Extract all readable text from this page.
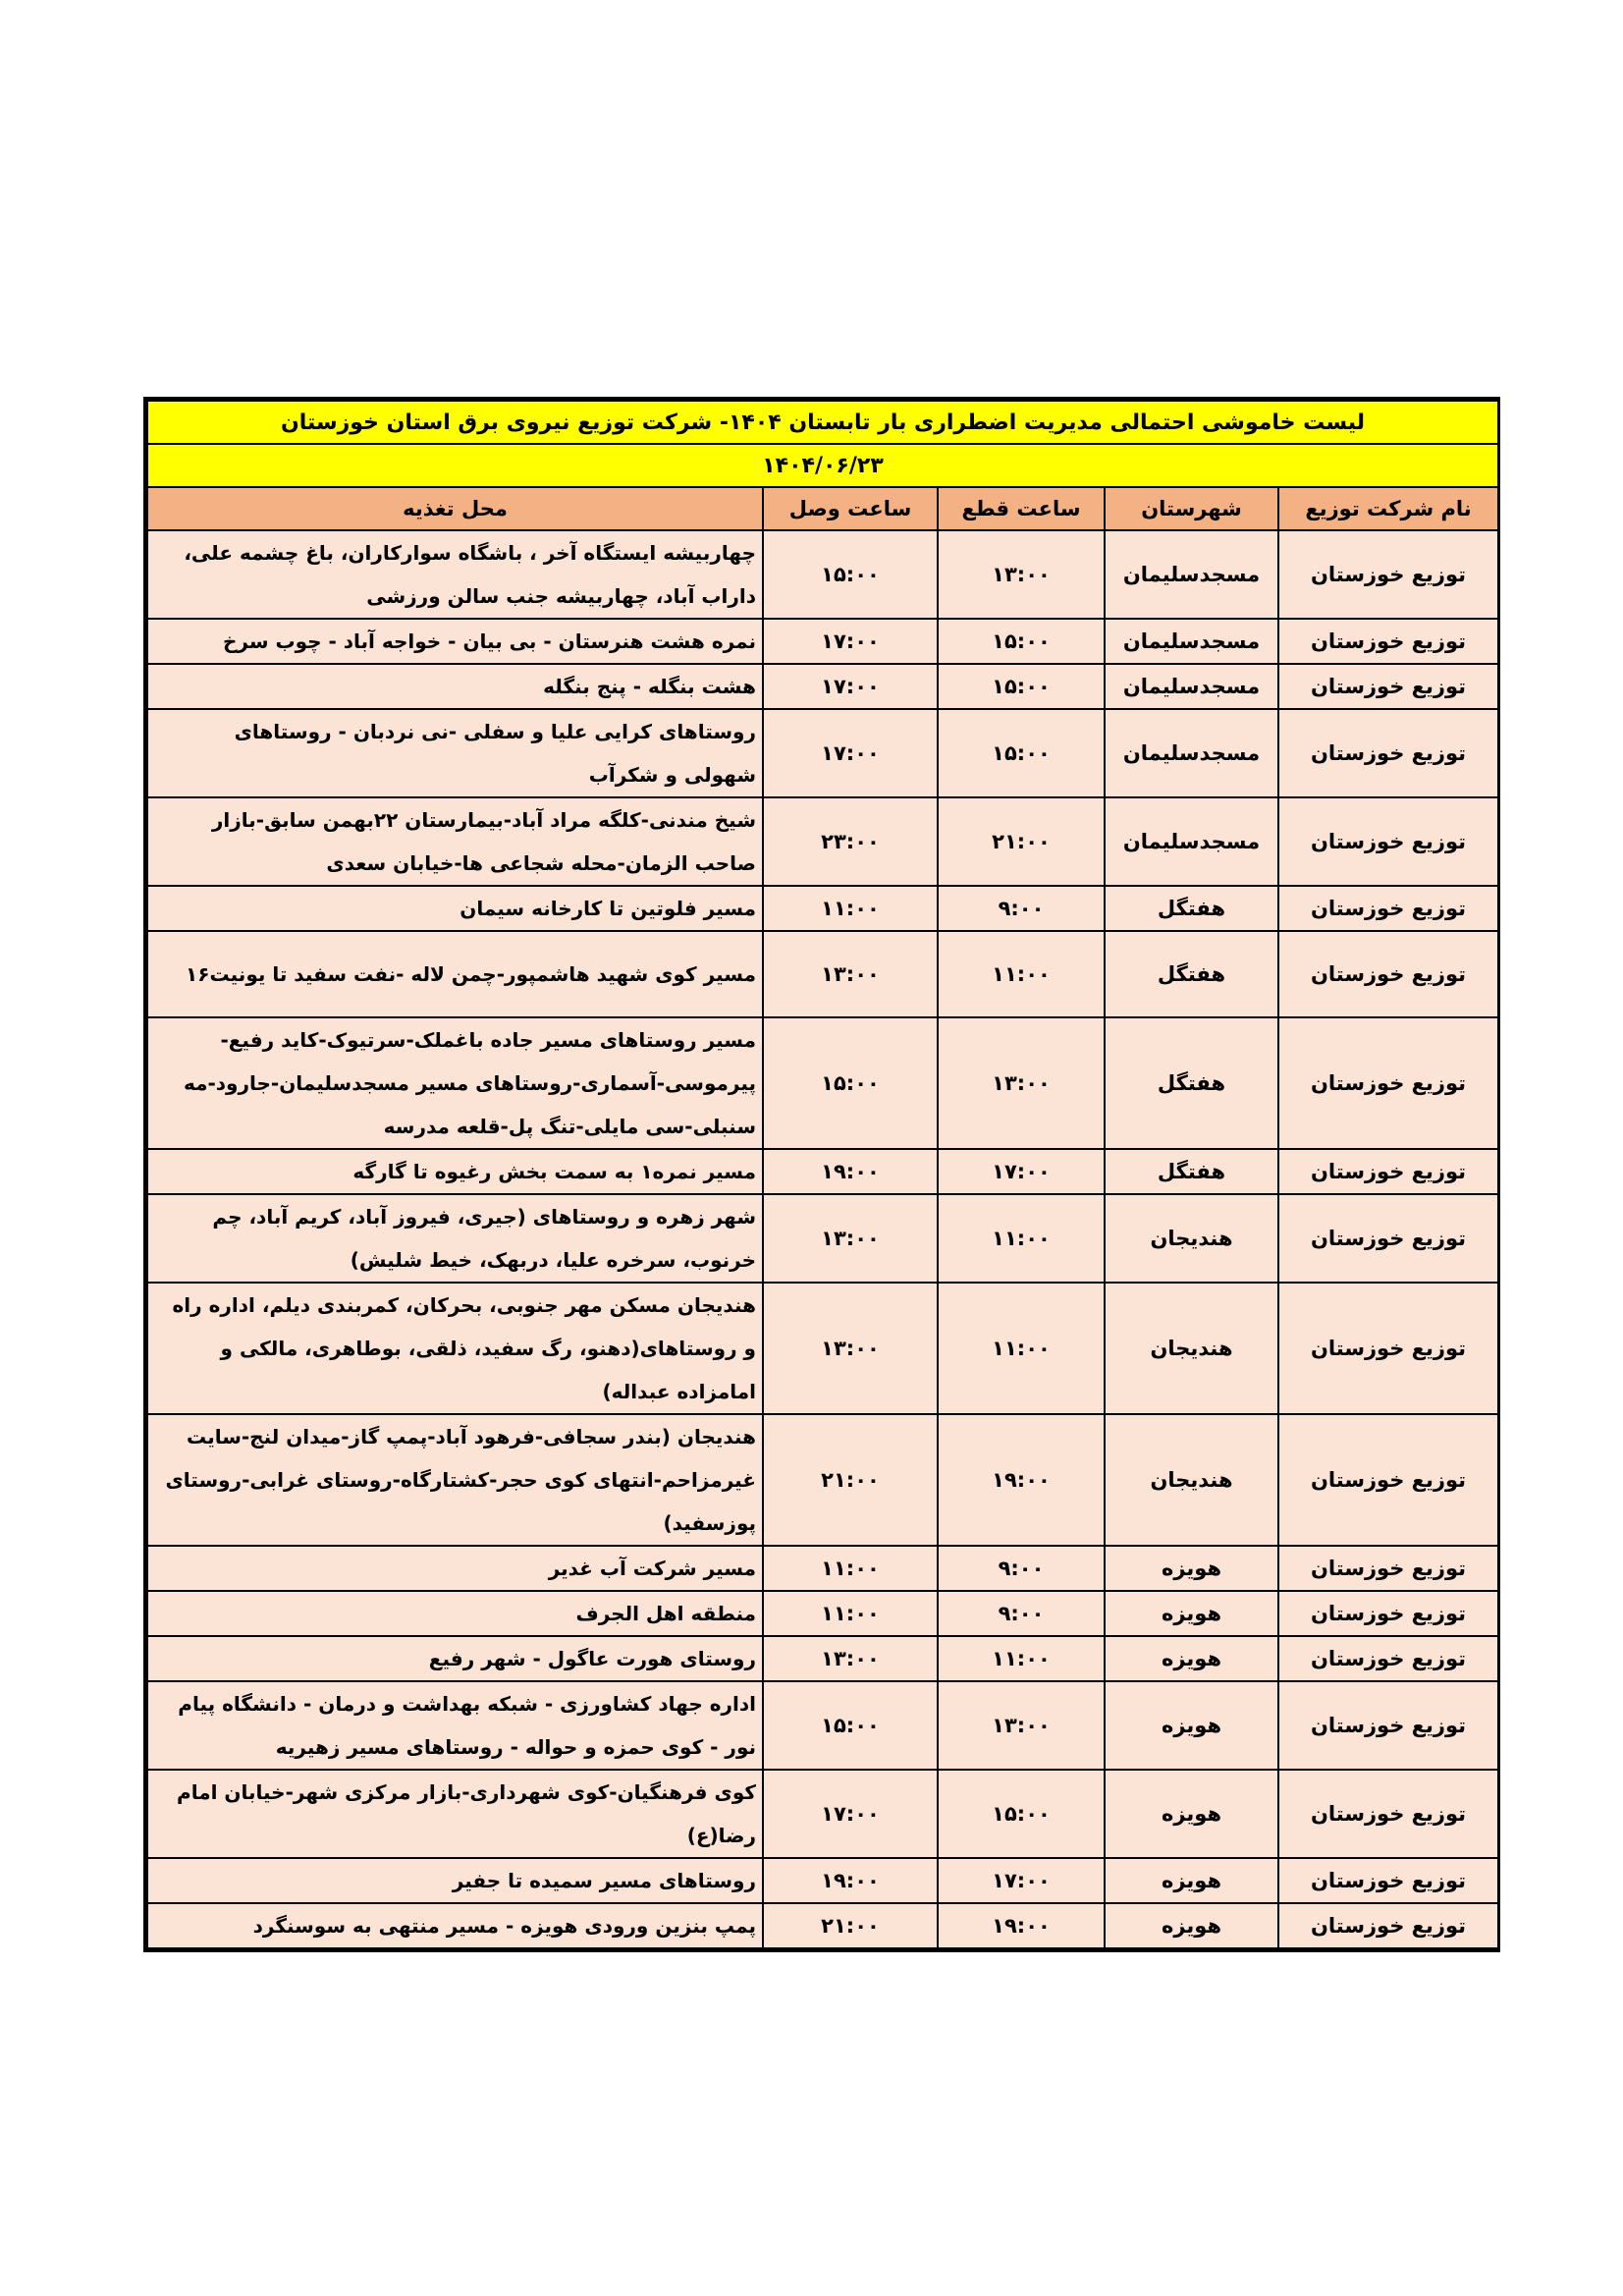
لیست خاموشی احتمالی مدیریت اضطراری بار تابستان ۱۴۰۴- شرکت توزیع نیروی برق استان خوزستان				
۱۴۰۴/۰۶/۲۳				
نام شرکت توزیع	شهرستان	ساعت قطع	ساعت وصل	محل تغذیه
توزیع خوزستان	مسجدسلیمان	۱۳:۰۰	۱۵:۰۰	چهاربیشه ایستگاه آخر ، باشگاه سوارکاران، باغ چشمه علی، داراب آباد، چهاربیشه جنب سالن ورزشی
توزیع خوزستان	مسجدسلیمان	۱۵:۰۰	۱۷:۰۰	نمره هشت هنرستان - بی بیان - خواجه آباد - چوب سرخ
توزیع خوزستان	مسجدسلیمان	۱۵:۰۰	۱۷:۰۰	هشت بنگله - پنج بنگله
توزیع خوزستان	مسجدسلیمان	۱۵:۰۰	۱۷:۰۰	روستاهای کرایی علیا و سفلی -نی نردبان - روستاهای شهولی و شکرآب
توزیع خوزستان	مسجدسلیمان	۲۱:۰۰	۲۳:۰۰	شیخ مندنی-کلگه مراد آباد-بیمارستان ۲۲بهمن سابق-بازار صاحب الزمان-محله شجاعی ها-خیابان سعدی
توزیع خوزستان	هفتگل	۹:۰۰	۱۱:۰۰	مسیر فلوتین تا کارخانه سیمان
توزیع خوزستان	هفتگل	۱۱:۰۰	۱۳:۰۰	مسیر کوی شهید هاشمپور-چمن لاله -نفت سفید تا یونیت۱۶
توزیع خوزستان	هفتگل	۱۳:۰۰	۱۵:۰۰	مسیر روستاهای مسیر جاده باغملک-سرتیوک-کاید رفیع-پیرموسی-آسماری-روستاهای مسیر مسجدسلیمان-جارود-مه سنبلی-سی مایلی-تنگ پل-قلعه مدرسه
توزیع خوزستان	هفتگل	۱۷:۰۰	۱۹:۰۰	مسیر نمره۱ به سمت بخش رغیوه تا گارگه
توزیع خوزستان	هندیجان	۱۱:۰۰	۱۳:۰۰	شهر زهره و روستاهای (جیری، فیروز آباد، کریم آباد، چم خرنوب، سرخره علیا، دربهک، خیط شلیش)
توزیع خوزستان	هندیجان	۱۱:۰۰	۱۳:۰۰	هندیجان مسکن مهر جنوبی، بحرکان، کمربندی دیلم، اداره راه و روستاهای(دهنو، رگ سفید، ذلقی، بوطاهری، مالکی و امامزاده عبداله)
توزیع خوزستان	هندیجان	۱۹:۰۰	۲۱:۰۰	هندیجان (بندر سجافی-فرهود آباد-پمپ گاز-میدان لنج-سایت غیرمزاحم-انتهای کوی حجر-کشتارگاه-روستای غرابی-روستای پوزسفید)
توزیع خوزستان	هویزه	۹:۰۰	۱۱:۰۰	مسیر شرکت آب غدیر
توزیع خوزستان	هویزه	۹:۰۰	۱۱:۰۰	منطقه اهل الجرف
توزیع خوزستان	هویزه	۱۱:۰۰	۱۳:۰۰	روستای هورت عاگول - شهر رفیع
توزیع خوزستان	هویزه	۱۳:۰۰	۱۵:۰۰	اداره جهاد کشاورزی - شبکه بهداشت و درمان - دانشگاه پیام نور - کوی حمزه و حواله - روستاهای مسیر زهیریه
توزیع خوزستان	هویزه	۱۵:۰۰	۱۷:۰۰	کوی فرهنگیان-کوی شهرداری-بازار مرکزی شهر-خیابان امام رضا(ع)
توزیع خوزستان	هویزه	۱۷:۰۰	۱۹:۰۰	روستاهای مسیر سمیده تا جفیر
توزیع خوزستان	هویزه	۱۹:۰۰	۲۱:۰۰	پمپ بنزین ورودی هویزه - مسیر منتهی به سوسنگرد
